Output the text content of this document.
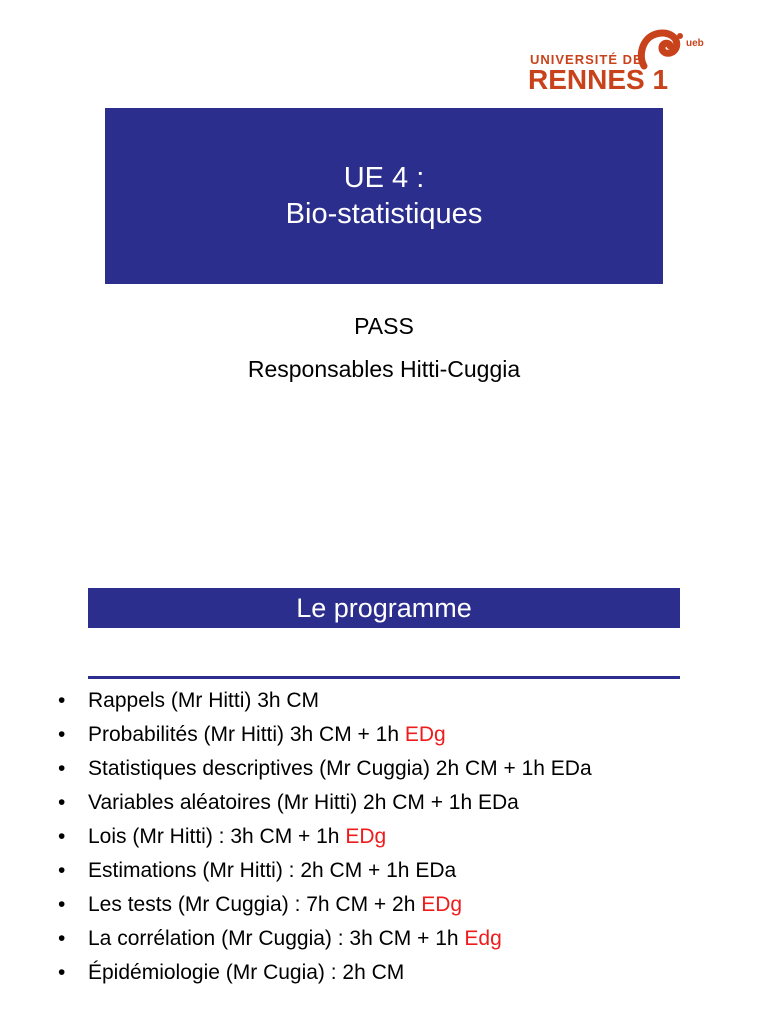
ueb
UNIVERSITÉ DE
RENNES 1
UE 4 :
Bio-statistiques
PASS
Responsables Hitti-Cuggia
Le programme
• Rappels (Mr Hitti) 3h CM
• Probabilités (Mr Hitti) 3h CM + 1h EDg
• Statistiques descriptives (Mr Cuggia) 2h CM + 1h EDa
• Variables aléatoires (Mr Hitti) 2h CM + 1h EDa
• Lois (Mr Hitti) : 3h CM + 1h EDg
• Estimations (Mr Hitti) : 2h CM + 1h EDa
• Les tests (Mr Cuggia) : 7h CM + 2h EDg
• La corrélation (Mr Cuggia) : 3h CM + 1h Edg
• Épidémiologie (Mr Cugia) : 2h CM
